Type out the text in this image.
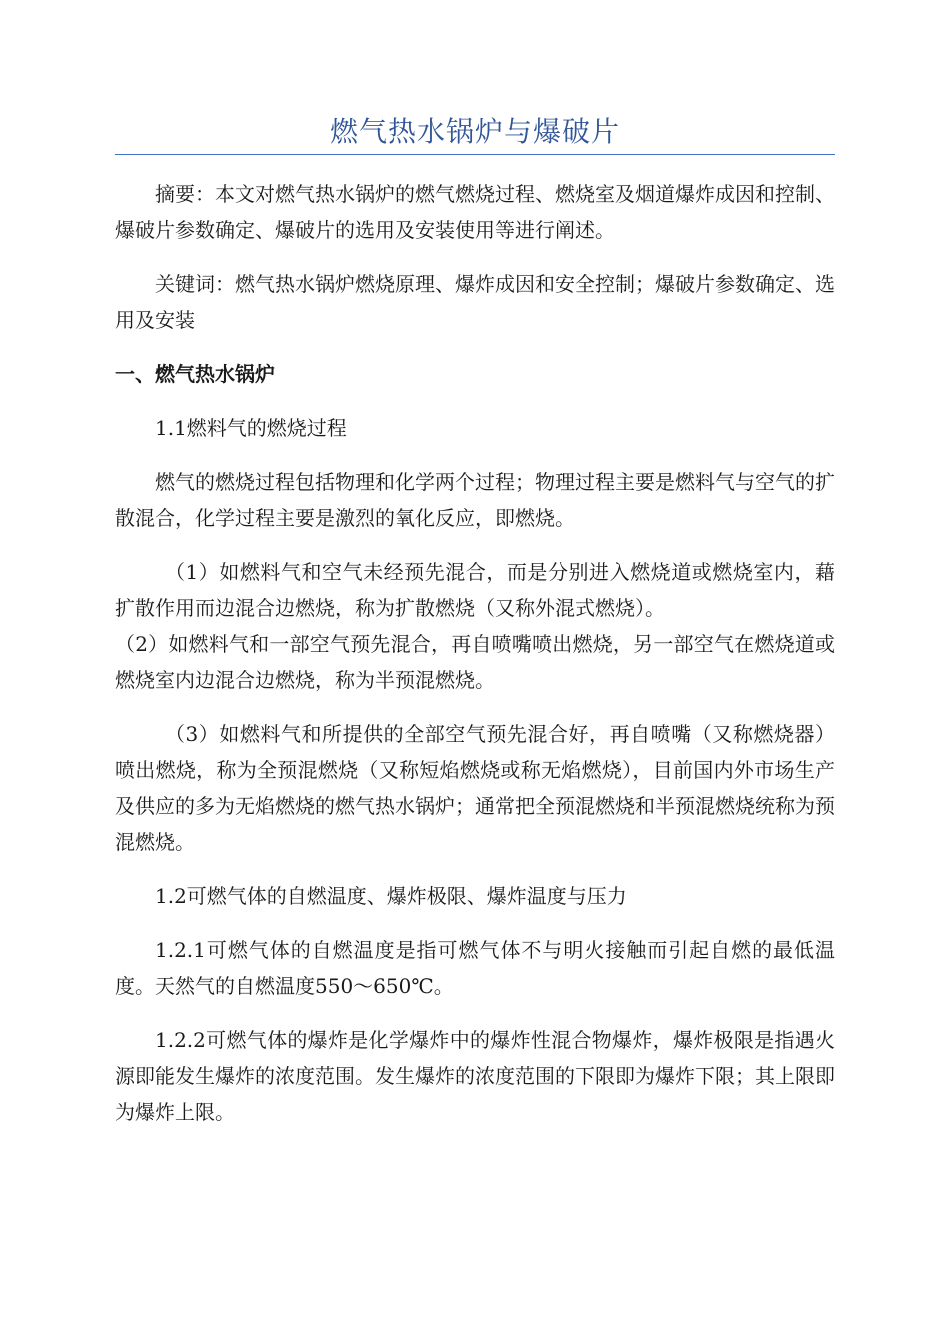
燃气热水锅炉与爆破片

摘要：本文对燃气热水锅炉的燃气燃烧过程、燃烧室及烟道爆炸成因和控制、爆破片参数确定、爆破片的选用及安装使用等进行阐述。

关键词：燃气热水锅炉燃烧原理、爆炸成因和安全控制；爆破片参数确定、选用及安装

一、燃气热水锅炉

1.1燃料气的燃烧过程

燃气的燃烧过程包括物理和化学两个过程；物理过程主要是燃料气与空气的扩散混合，化学过程主要是激烈的氧化反应，即燃烧。

（1）如燃料气和空气未经预先混合，而是分别进入燃烧道或燃烧室内，藉扩散作用而边混合边燃烧，称为扩散燃烧（又称外混式燃烧）。

（2）如燃料气和一部空气预先混合，再自喷嘴喷出燃烧，另一部空气在燃烧道或燃烧室内边混合边燃烧，称为半预混燃烧。

（3）如燃料气和所提供的全部空气预先混合好，再自喷嘴（又称燃烧器）喷出燃烧，称为全预混燃烧（又称短焰燃烧或称无焰燃烧），目前国内外市场生产及供应的多为无焰燃烧的燃气热水锅炉；通常把全预混燃烧和半预混燃烧统称为预混燃烧。

1.2可燃气体的自燃温度、爆炸极限、爆炸温度与压力

1.2.1可燃气体的自燃温度是指可燃气体不与明火接触而引起自燃的最低温度。天然气的自燃温度550～650℃。

1.2.2可燃气体的爆炸是化学爆炸中的爆炸性混合物爆炸，爆炸极限是指遇火源即能发生爆炸的浓度范围。发生爆炸的浓度范围的下限即为爆炸下限；其上限即为爆炸上限。
